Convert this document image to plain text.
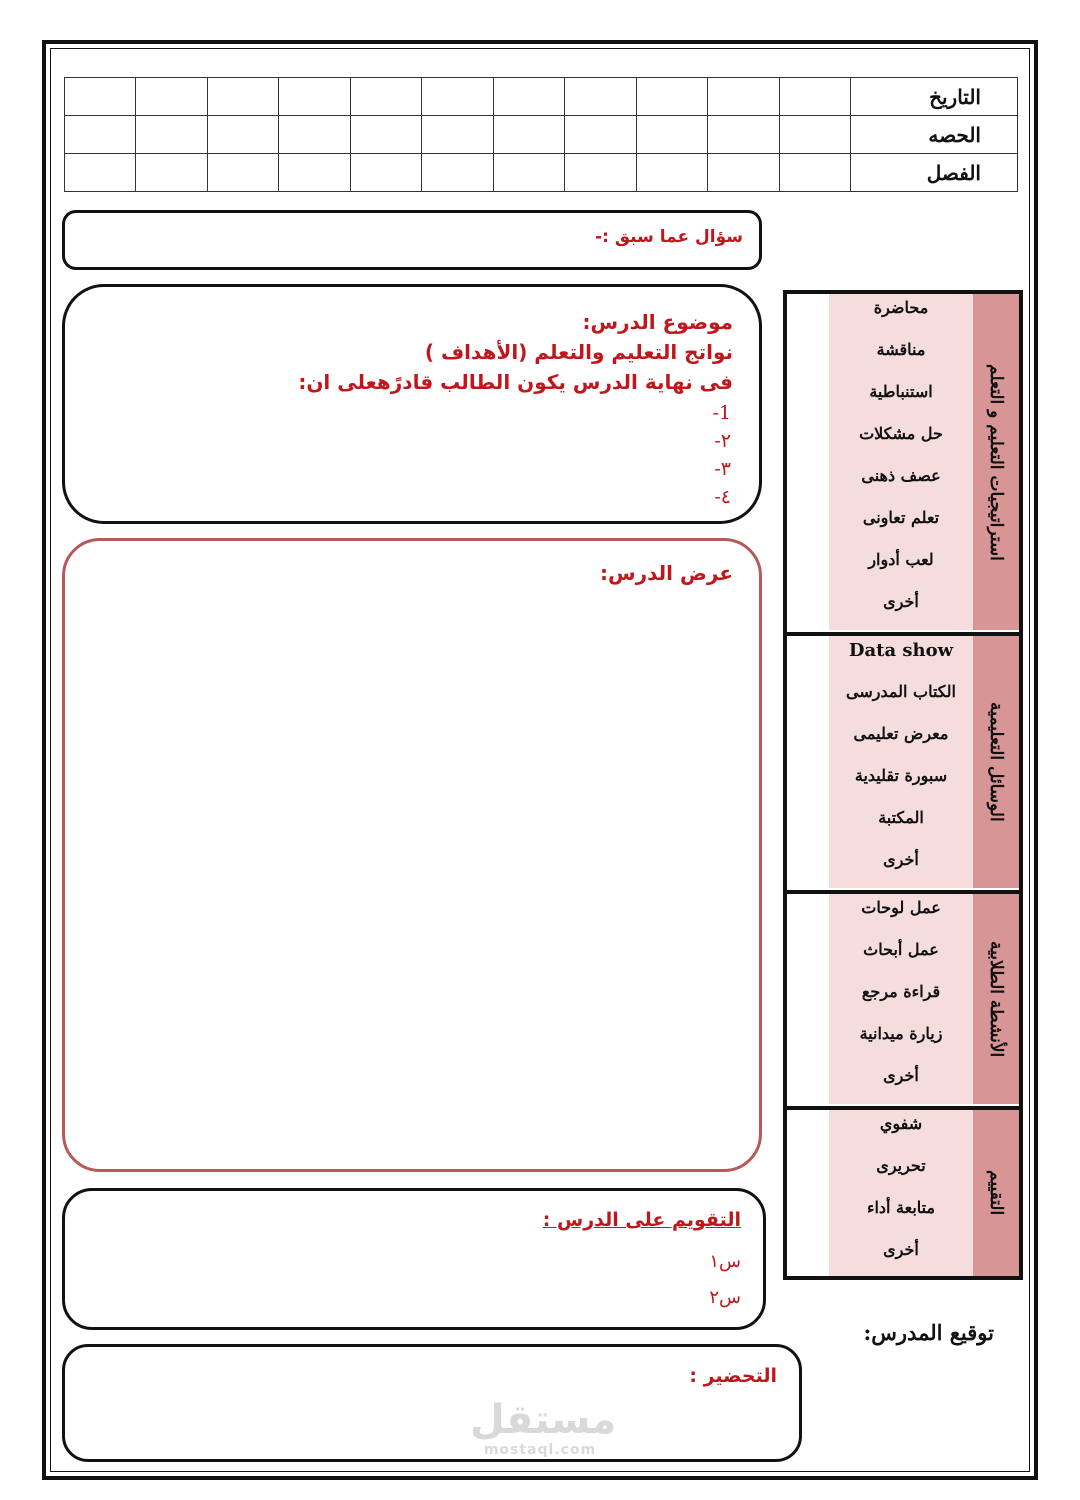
											التاريخ
											الحصه
											الفصل
سؤال عما سبق :-
موضوع الدرس:
نواتج التعليم والتعلم (الأهداف )
فى نهاية الدرس يكون الطالب قادرًهعلى ان:
1-
٢-
٣-
٤-
عرض الدرس:
التقويم على الدرس :
س١
س٢
التحضير :
توقيع المدرس:
مستقل
mostaql.com
استراتيجيات التعليم و التعلم
محاضرة
مناقشة
استنباطية
حل مشكلات
عصف ذهنى
تعلم تعاونى
لعب أدوار
أخرى
الوسائل التعليمية
Data show
الكتاب المدرسى
معرض تعليمى
سبورة تقليدية
المكتبة
أخرى
الأنشطة الطلابية
عمل لوحات
عمل أبحاث
قراءة مرجع
زيارة ميدانية
أخرى
التقييم
شفوي
تحريرى
متابعة أداء
أخرى
